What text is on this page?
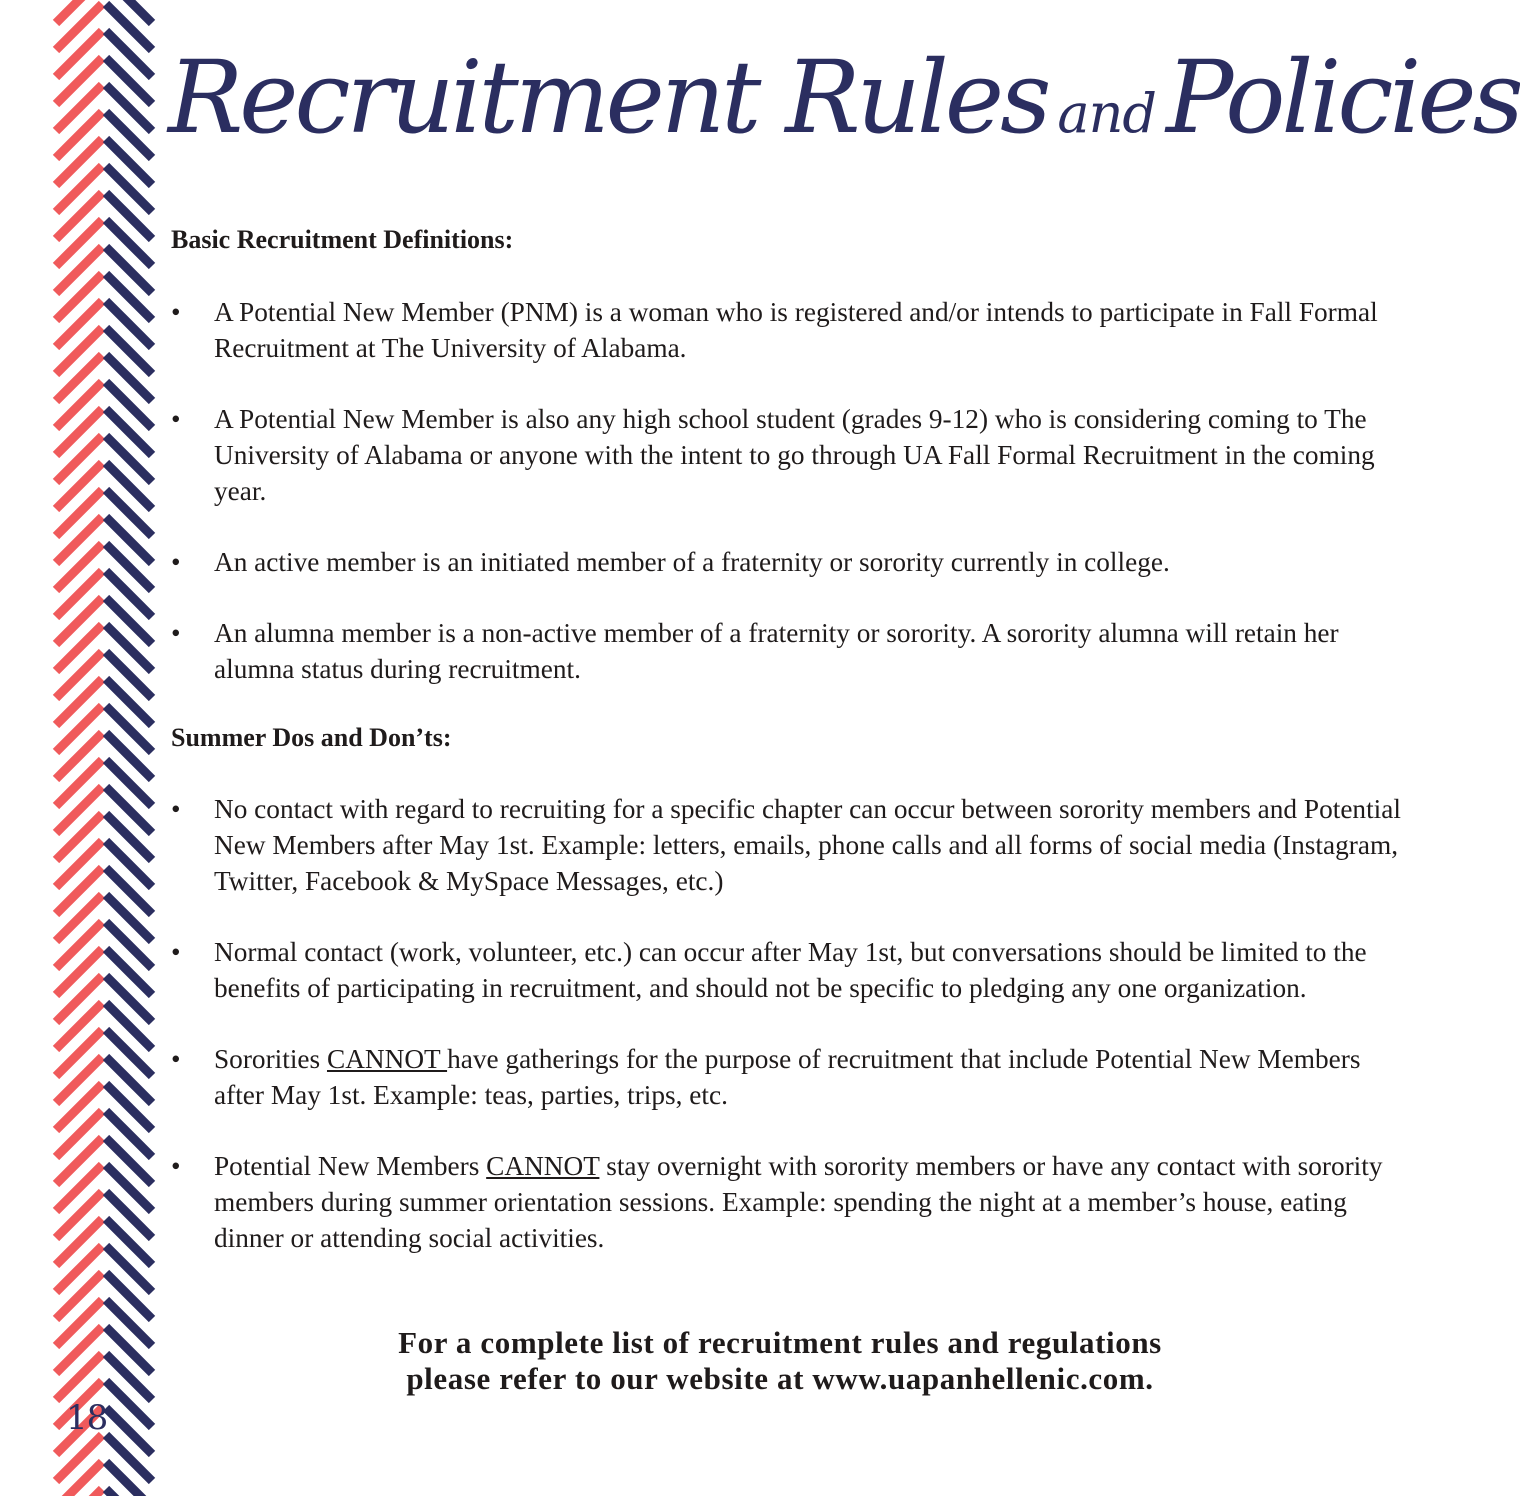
18
Recruitment Rules and Policies
Basic Recruitment Definitions:

•	A Potential New Member (PNM) is a woman who is registered and/or intends to participate in Fall Formal Recruitment at The University of Alabama.

•	A Potential New Member is also any high school student (grades 9-12) who is considering coming to The University of Alabama or anyone with the intent to go through UA Fall Formal Recruitment in the coming year.

•	An active member is an initiated member of a fraternity or sorority currently in college.

•	An alumna member is a non-active member of a fraternity or sorority. A sorority alumna will retain her alumna status during recruitment.

Summer Dos and Don’ts:

•	No contact with regard to recruiting for a specific chapter can occur between sorority members and Potential New Members after May 1st. Example: letters, emails, phone calls and all forms of social media (Instagram, Twitter, Facebook & MySpace Messages, etc.)

•	Normal contact (work, volunteer, etc.) can occur after May 1st, but conversations should be limited to the benefits of participating in recruitment, and should not be specific to pledging any one organization.

•	Sororities CANNOT have gatherings for the purpose of recruitment that include Potential New Members after May 1st. Example: teas, parties, trips, etc.

•	Potential New Members CANNOT stay overnight with sorority members or have any contact with sorority members during summer orientation sessions. Example: spending the night at a member’s house, eating dinner or attending social activities.

For a complete list of recruitment rules and regulations
please refer to our website at www.uapanhellenic.com.
